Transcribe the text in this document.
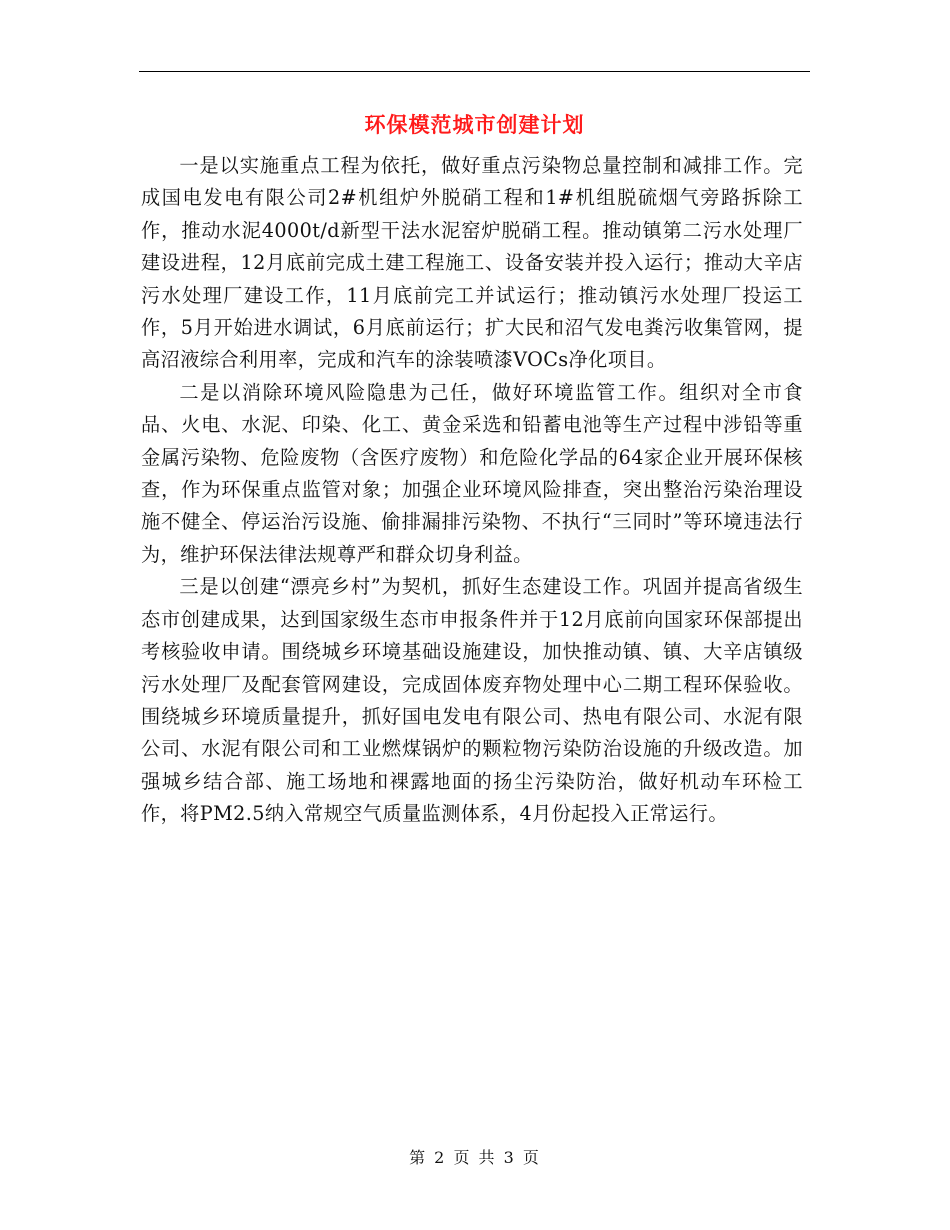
环保模范城市创建计划

一是以实施重点工程为依托，做好重点污染物总量控制和减排工作。完成国电发电有限公司2#机组炉外脱硝工程和1#机组脱硫烟气旁路拆除工作，推动水泥4000t/d新型干法水泥窑炉脱硝工程。推动镇第二污水处理厂建设进程，12月底前完成土建工程施工、设备安装并投入运行；推动大辛店污水处理厂建设工作，11月底前完工并试运行；推动镇污水处理厂投运工作，5月开始进水调试，6月底前运行；扩大民和沼气发电粪污收集管网，提高沼液综合利用率，完成和汽车的涂装喷漆VOCs净化项目。

二是以消除环境风险隐患为己任，做好环境监管工作。组织对全市食品、火电、水泥、印染、化工、黄金采选和铅蓄电池等生产过程中涉铅等重金属污染物、危险废物（含医疗废物）和危险化学品的64家企业开展环保核查，作为环保重点监管对象；加强企业环境风险排查，突出整治污染治理设施不健全、停运治污设施、偷排漏排污染物、不执行“三同时”等环境违法行为，维护环保法律法规尊严和群众切身利益。

三是以创建“漂亮乡村”为契机，抓好生态建设工作。巩固并提高省级生态市创建成果，达到国家级生态市申报条件并于12月底前向国家环保部提出考核验收申请。围绕城乡环境基础设施建设，加快推动镇、镇、大辛店镇级污水处理厂及配套管网建设，完成固体废弃物处理中心二期工程环保验收。围绕城乡环境质量提升，抓好国电发电有限公司、热电有限公司、水泥有限公司、水泥有限公司和工业燃煤锅炉的颗粒物污染防治设施的升级改造。加强城乡结合部、施工场地和裸露地面的扬尘污染防治，做好机动车环检工作，将PM2.5纳入常规空气质量监测体系，4月份起投入正常运行。

第 2 页 共 3 页
